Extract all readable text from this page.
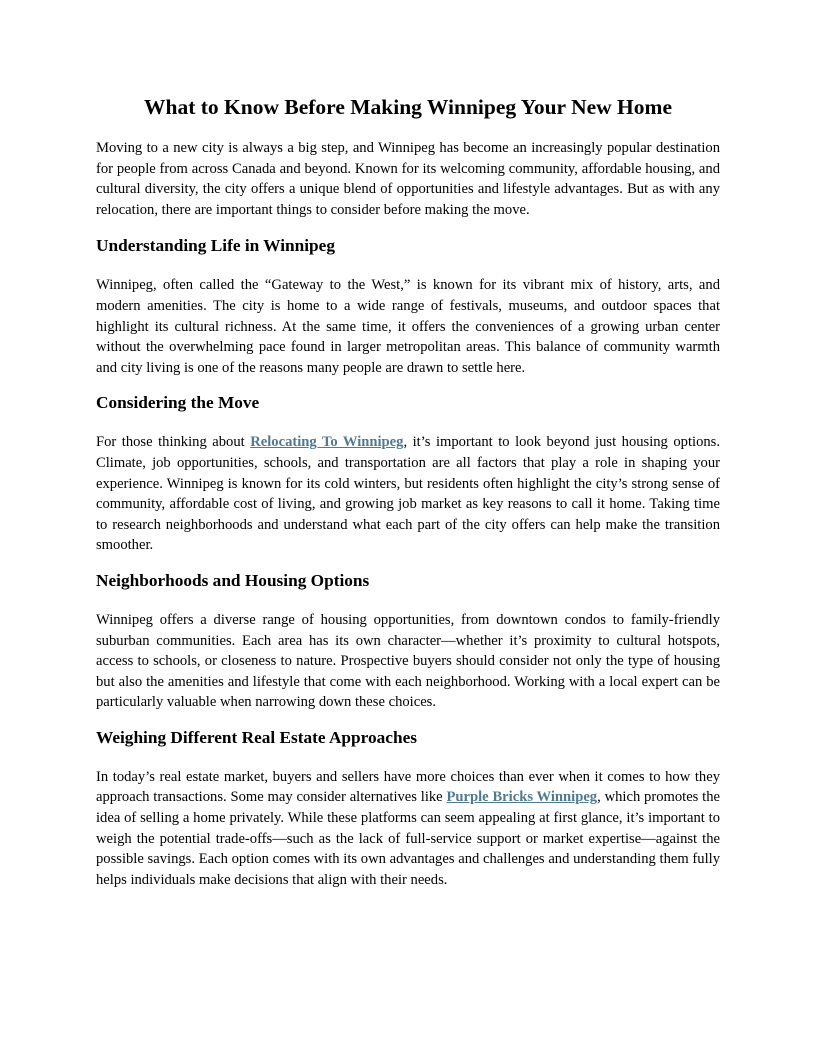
What to Know Before Making Winnipeg Your New Home

Moving to a new city is always a big step, and Winnipeg has become an increasingly popular destination for people from across Canada and beyond. Known for its welcoming community, affordable housing, and cultural diversity, the city offers a unique blend of opportunities and lifestyle advantages. But as with any relocation, there are important things to consider before making the move.

Understanding Life in Winnipeg

Winnipeg, often called the “Gateway to the West,” is known for its vibrant mix of history, arts, and modern amenities. The city is home to a wide range of festivals, museums, and outdoor spaces that highlight its cultural richness. At the same time, it offers the conveniences of a growing urban center without the overwhelming pace found in larger metropolitan areas. This balance of community warmth and city living is one of the reasons many people are drawn to settle here.

Considering the Move

For those thinking about Relocating To Winnipeg, it’s important to look beyond just housing options. Climate, job opportunities, schools, and transportation are all factors that play a role in shaping your experience. Winnipeg is known for its cold winters, but residents often highlight the city’s strong sense of community, affordable cost of living, and growing job market as key reasons to call it home. Taking time to research neighborhoods and understand what each part of the city offers can help make the transition smoother.

Neighborhoods and Housing Options

Winnipeg offers a diverse range of housing opportunities, from downtown condos to family-friendly suburban communities. Each area has its own character—whether it’s proximity to cultural hotspots, access to schools, or closeness to nature. Prospective buyers should consider not only the type of housing but also the amenities and lifestyle that come with each neighborhood. Working with a local expert can be particularly valuable when narrowing down these choices.

Weighing Different Real Estate Approaches

In today’s real estate market, buyers and sellers have more choices than ever when it comes to how they approach transactions. Some may consider alternatives like Purple Bricks Winnipeg, which promotes the idea of selling a home privately. While these platforms can seem appealing at first glance, it’s important to weigh the potential trade-offs—such as the lack of full-service support or market expertise—against the possible savings. Each option comes with its own advantages and challenges and understanding them fully helps individuals make decisions that align with their needs.
